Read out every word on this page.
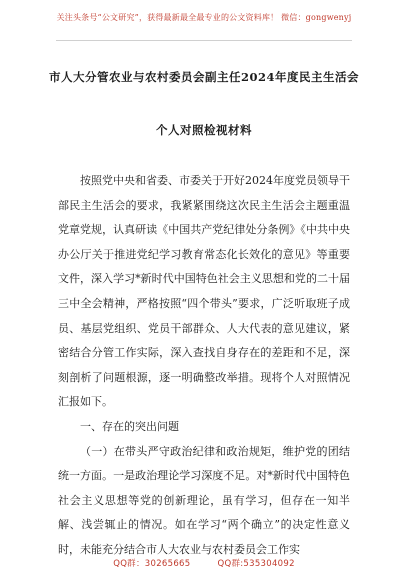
关注头条号“公文研究”，获得最新最全最专业的公文资料库！ 微信：gongwenyj
市人大分管农业与农村委员会副主任2024年度民主生活会
个人对照检视材料

按照党中央和省委、市委关于开好2024年度党员领导干部民主生活会的要求，我紧紧围绕这次民主生活会主题重温党章党规，认真研读《中国共产党纪律处分条例》《中共中央办公厅关于推进党纪学习教育常态化长效化的意见》等重要文件，深入学习*新时代中国特色社会主义思想和党的二十届三中全会精神，严格按照“四个带头”要求，广泛听取班子成员、基层党组织、党员干部群众、人大代表的意见建议，紧密结合分管工作实际，深入查找自身存在的差距和不足，深刻剖析了问题根源，逐一明确整改举措。现将个人对照情况汇报如下。

一、存在的突出问题

（一）在带头严守政治纪律和政治规矩，维护党的团结统一方面。一是政治理论学习深度不足。对*新时代中国特色社会主义思想等党的创新理论，虽有学习，但存在一知半解、浅尝辄止的情况。如在学习“两个确立”的决定性意义时，未能充分结合市人大农业与农村委员会工作实

QQ群：30265665	QQ群:535304092
